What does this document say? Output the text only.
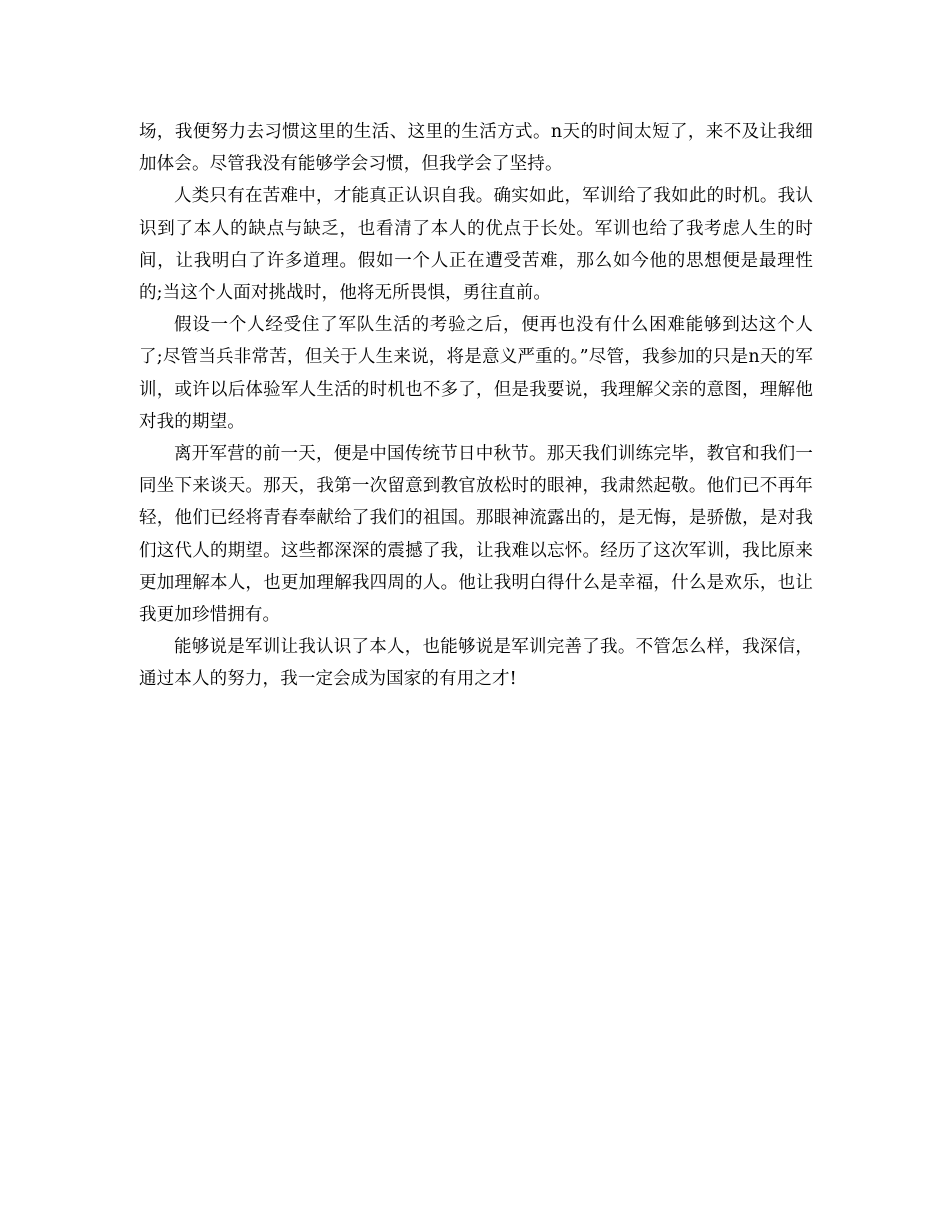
场，我便努力去习惯这里的生活、这里的生活方式。n天的时间太短了，来不及让我细加体会。尽管我没有能够学会习惯，但我学会了坚持。

人类只有在苦难中，才能真正认识自我。确实如此，军训给了我如此的时机。我认识到了本人的缺点与缺乏，也看清了本人的优点于长处。军训也给了我考虑人生的时间，让我明白了许多道理。假如一个人正在遭受苦难，那么如今他的思想便是最理性的;当这个人面对挑战时，他将无所畏惧，勇往直前。

假设一个人经受住了军队生活的考验之后，便再也没有什么困难能够到达这个人了;尽管当兵非常苦，但关于人生来说，将是意义严重的。”尽管，我参加的只是n天的军训，或许以后体验军人生活的时机也不多了，但是我要说，我理解父亲的意图，理解他对我的期望。

离开军营的前一天，便是中国传统节日中秋节。那天我们训练完毕，教官和我们一同坐下来谈天。那天，我第一次留意到教官放松时的眼神，我肃然起敬。他们已不再年轻，他们已经将青春奉献给了我们的祖国。那眼神流露出的，是无悔，是骄傲，是对我们这代人的期望。这些都深深的震撼了我，让我难以忘怀。经历了这次军训，我比原来更加理解本人，也更加理解我四周的人。他让我明白得什么是幸福，什么是欢乐，也让我更加珍惜拥有。

能够说是军训让我认识了本人，也能够说是军训完善了我。不管怎么样，我深信，通过本人的努力，我一定会成为国家的有用之才!
